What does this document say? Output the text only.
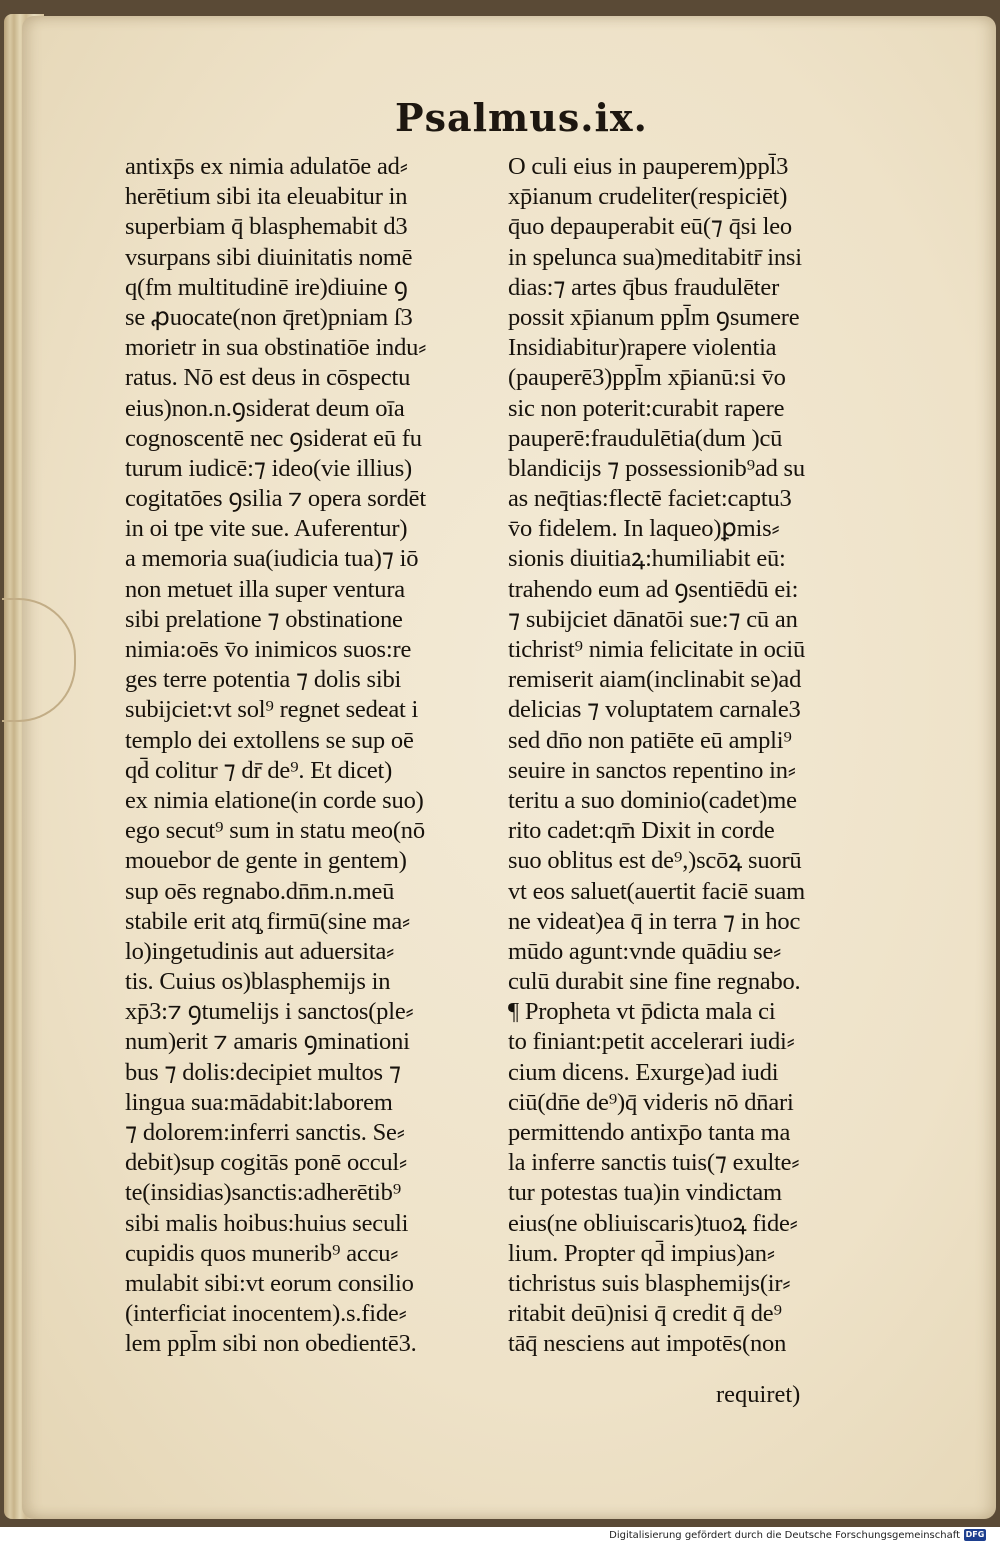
Psalmus.ix.
antixp̄s ex nimia adulatōe ad⸗
herētium sibi ita eleuabitur in
superbiam q̄ blasphemabit d3
vsurpans sibi diuinitatis nomē
q(fm multitudinē ire)diuine ꝯ
se ꝓuocate(non q̄ret)pniam ſ3
morietr in sua obstinatiōe indu⸗
ratus. Nō est deus in cōspectu
eius)non.n.ꝯsiderat deum oīa
cognoscentē nec ꝯsiderat eū fu
turum iudicē:⁊ ideo(vie illius)
cogitatōes ꝯsilia ⁊ opera sordēt
in oi tpe vite sue. Auferentur)
a memoria sua(iudicia tua)⁊ iō
non metuet illa super ventura
sibi prelatione ⁊ obstinatione
nimia:oēs v̄o inimicos suos:re
ges terre potentia ⁊ dolis sibi
subijciet:vt sol⁹ regnet sedeat i
templo dei extollens se sup oē
qd̄ colitur ⁊ dr̄ de⁹. Et dicet)
ex nimia elatione(in corde suo)
ego secut⁹ sum in statu meo(nō
mouebor de gente in gentem)
sup oēs regnabo.dn̄m.n.meū
stabile erit atq̧ firmū(sine ma⸗
lo)ingetudinis aut aduersita⸗
tis. Cuius os)blasphemijs in
xp̄3:⁊ ꝯtumelijs i sanctos(ple⸗
num)erit ⁊ amaris ꝯminationi
bus ⁊ dolis:decipiet multos ⁊
lingua sua:mādabit:laborem
⁊ dolorem:inferri sanctis. Se⸗
debit)sup cogitās ponē occul⸗
te(insidias)sanctis:adherētib⁹
sibi malis hoibus:huius seculi
cupidis quos munerib⁹ accu⸗
mulabit sibi:vt eorum consilio
(interficiat inocentem).s.fide⸗
lem ppl̄m sibi non obedientē3.
O culi eius in pauperem)ppl̄3
xp̄ianum crudeliter(respiciēt)
q̄uo depauperabit eū(⁊ q̄si leo
in spelunca sua)meditabitr̄ insi
dias:⁊ artes q̄bus fraudulēter
possit xp̄ianum ppl̄m ꝯsumere
Insidiabitur)rapere violentia
(pauperē3)ppl̄m xp̄ianū:si v̄o
sic non poterit:curabit rapere
pauperē:fraudulētia(dum )cū
blandicijs ⁊ possessionib⁹ad su
as neq̄tias:flectē faciet:captu3
v̄o fidelem. In laqueo)ꝑmis⸗
sionis diuitiaꝝ:humiliabit eū:
trahendo eum ad ꝯsentiēdū ei:
⁊ subijciet dānatōi sue:⁊ cū an
tichrist⁹ nimia felicitate in ociū
remiserit aiam(inclinabit se)ad
delicias ⁊ voluptatem carnale3
sed dn̄o non patiēte eū ampli⁹
seuire in sanctos repentino in⸗
teritu a suo dominio(cadet)me
rito cadet:qm̄ Dixit in corde
suo oblitus est de⁹,)scōꝝ suorū
vt eos saluet(auertit faciē suam
ne videat)ea q̄ in terra ⁊ in hoc
mūdo agunt:vnde quādiu se⸗
culū durabit sine fine regnabo.
¶ Propheta vt p̄dicta mala ci
to finiant:petit accelerari iudi⸗
cium dicens. Exurge)ad iudi
ciū(dn̄e de⁹)q̄ videris nō dn̄ari
permittendo antixp̄o tanta ma
la inferre sanctis tuis(⁊ exulte⸗
tur potestas tua)in vindictam
eius(ne obliuiscaris)tuoꝝ fide⸗
lium. Propter qd̄ impius)an⸗
tichristus suis blasphemijs(ir⸗
ritabit deū)nisi q̄ credit q̄ de⁹
tāq̄ nesciens aut impotēs(non
requiret)
Digitalisierung gefördert durch die Deutsche Forschungsgemeinschaft DFG
